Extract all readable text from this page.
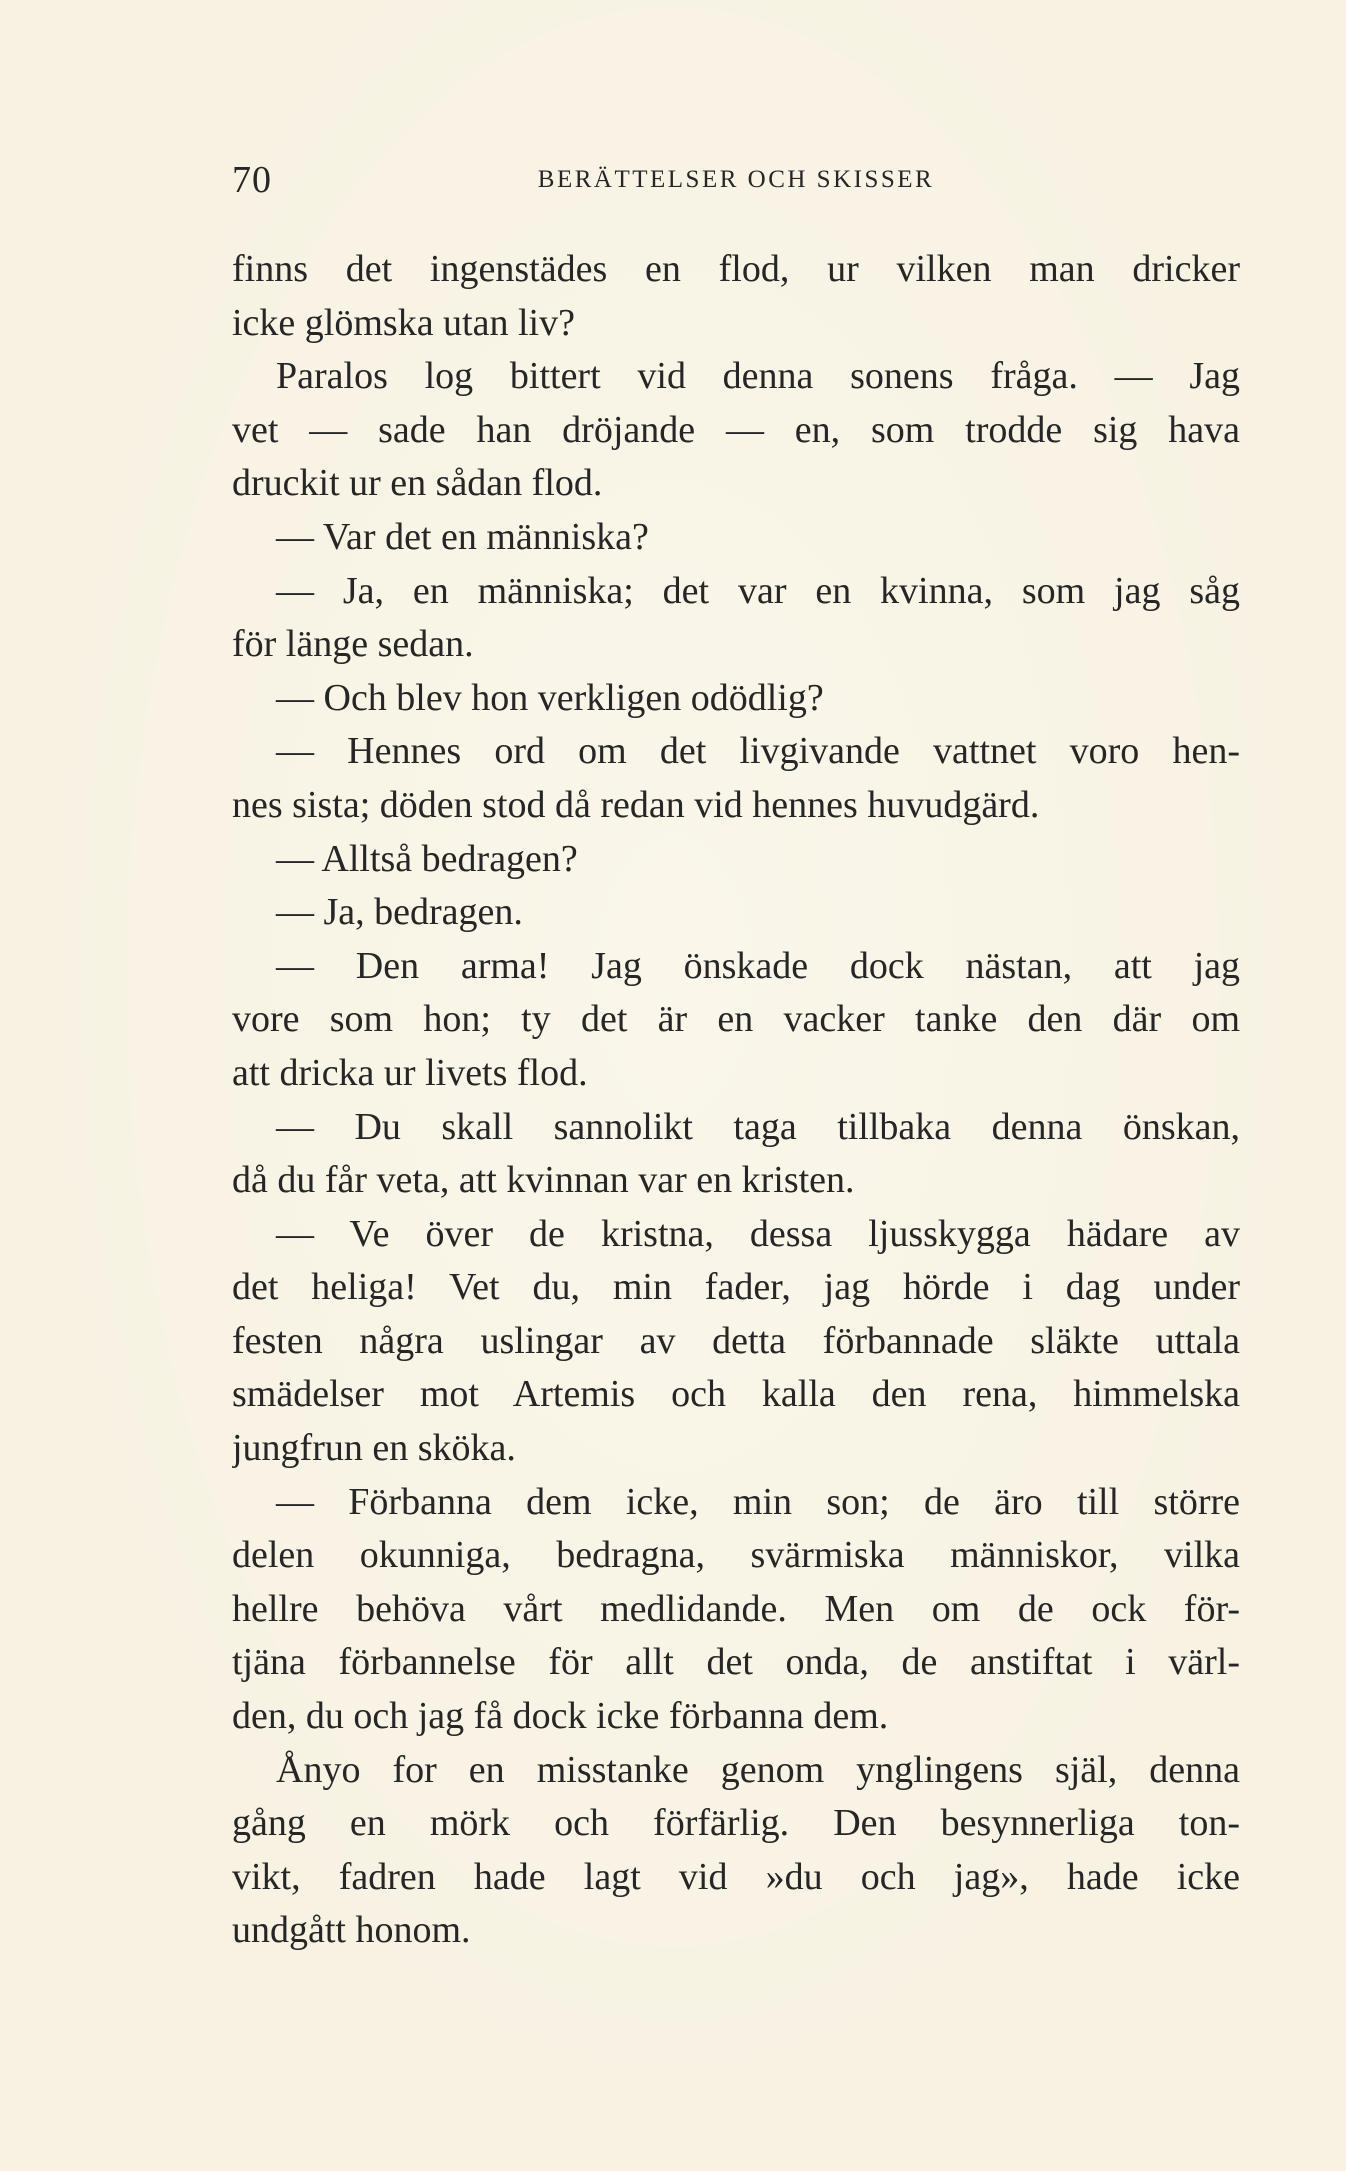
70	BERÄTTELSER OCH SKISSER
finns det ingenstädes en flod, ur vilken man dricker
icke glömska utan liv?
Paralos log bittert vid denna sonens fråga. — Jag
vet — sade han dröjande — en, som trodde sig hava
druckit ur en sådan flod.
— Var det en människa?
— Ja, en människa; det var en kvinna, som jag såg
för länge sedan.
— Och blev hon verkligen odödlig?
— Hennes ord om det livgivande vattnet voro hen-
nes sista; döden stod då redan vid hennes huvudgärd.
— Alltså bedragen?
— Ja, bedragen.
— Den arma! Jag önskade dock nästan, att jag
vore som hon; ty det är en vacker tanke den där om
att dricka ur livets flod.
— Du skall sannolikt taga tillbaka denna önskan,
då du får veta, att kvinnan var en kristen.
— Ve över de kristna, dessa ljusskygga hädare av
det heliga! Vet du, min fader, jag hörde i dag under
festen några uslingar av detta förbannade släkte uttala
smädelser mot Artemis och kalla den rena, himmelska
jungfrun en sköka.
— Förbanna dem icke, min son; de äro till större
delen okunniga, bedragna, svärmiska människor, vilka
hellre behöva vårt medlidande. Men om de ock för-
tjäna förbannelse för allt det onda, de anstiftat i värl-
den, du och jag få dock icke förbanna dem.
Ånyo for en misstanke genom ynglingens själ, denna
gång en mörk och förfärlig. Den besynnerliga ton-
vikt, fadren hade lagt vid »du och jag», hade icke
undgått honom.
